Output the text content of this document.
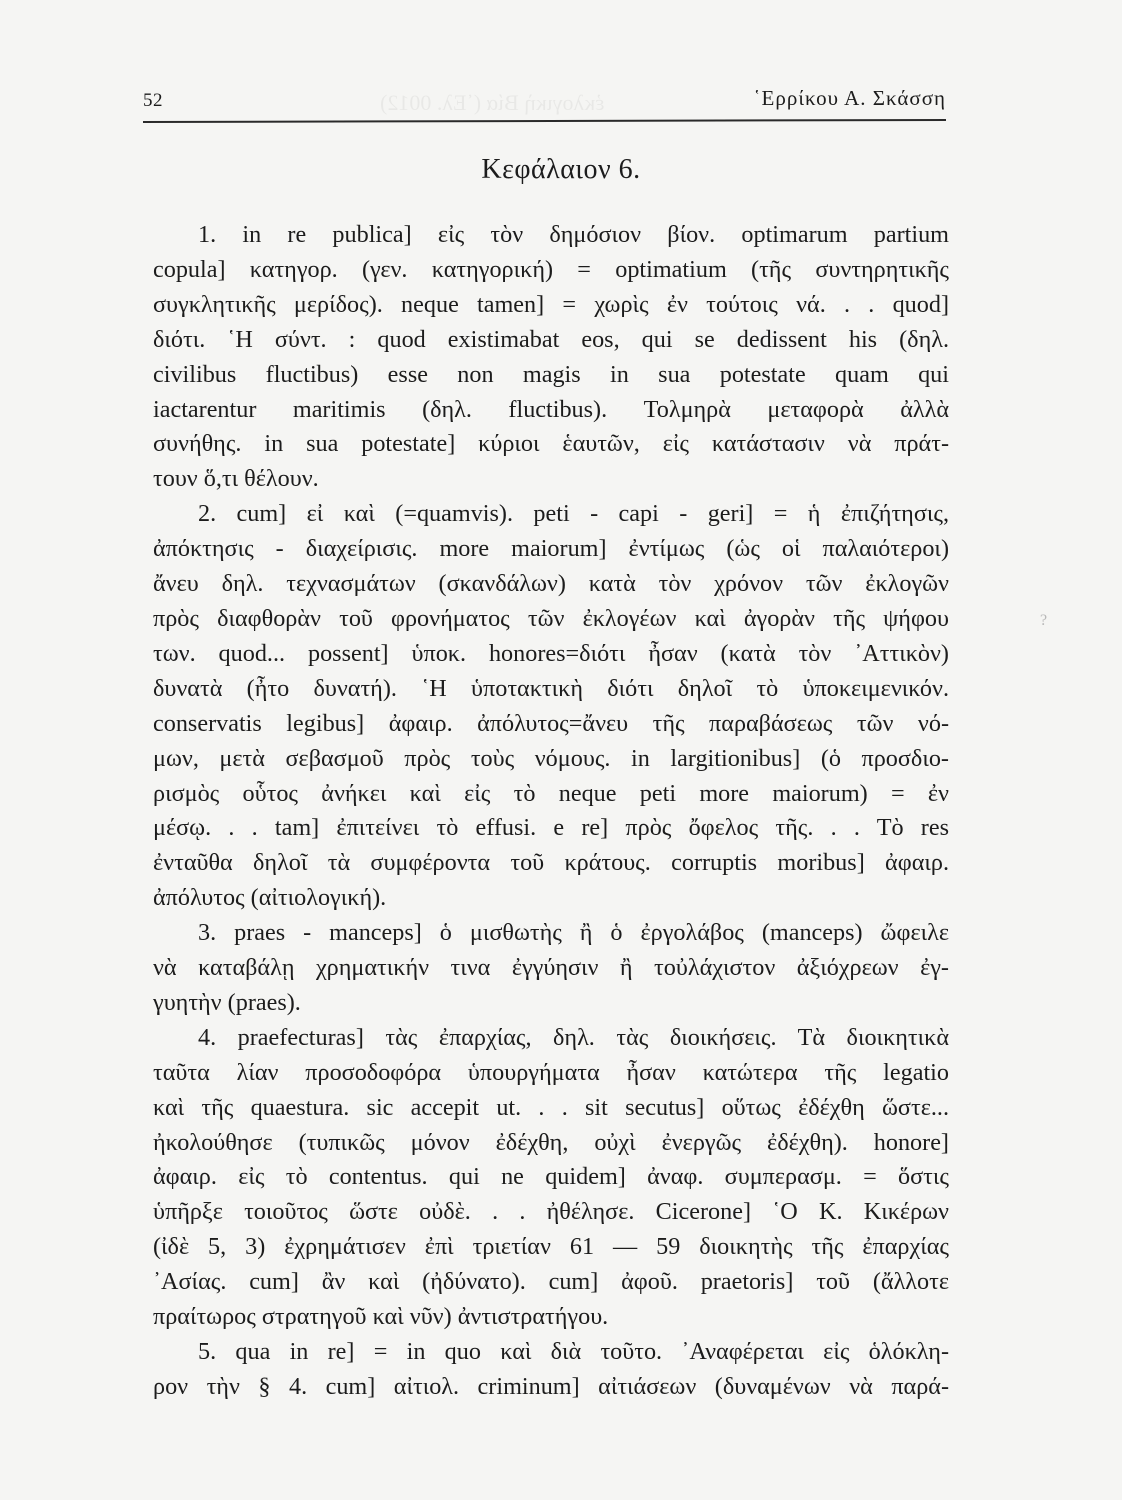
ἐκλογικὴ Βία (῾Ελ. 0012)
52	῾Ερρίκου Α. Σκάσση
Κεφάλαιον 6.
1. in re publica] εἰς τὸν δημόσιον βίον. optimarum partium
copula] κατηγορ. (γεν. κατηγορική) = optimatium (τῆς συντηρητικῆς
συγκλητικῆς μερίδος). neque tamen] = χωρὶς ἐν τούτοις νά. . . quod]
διότι. ῾Η σύντ. : quod existimabat eos, qui se dedissent his (δηλ.
civilibus fluctibus) esse non magis in sua potestate quam qui
iactarentur maritimis (δηλ. fluctibus). Τολμηρὰ μεταφορὰ ἀλλὰ
συνήθης. in sua potestate] κύριοι ἑαυτῶν, εἰς κατάστασιν νὰ πράτ-
τουν ὅ,τι θέλουν.
2. cum] εἰ καὶ (=quamvis). peti - capi - geri] = ἡ ἐπιζήτησις,
ἀπόκτησις - διαχείρισις. more maiorum] ἐντίμως (ὡς οἱ παλαιότεροι)
ἄνευ δηλ. τεχνασμάτων (σκανδάλων) κατὰ τὸν χρόνον τῶν ἐκλογῶν
πρὸς διαφθορὰν τοῦ φρονήματος τῶν ἐκλογέων καὶ ἀγορὰν τῆς ψήφου
των. quod... possent] ὑποκ. honores=διότι ἦσαν (κατὰ τὸν ᾿Αττικὸν)
δυνατὰ (ἦτο δυνατή). ῾Η ὑποτακτικὴ διότι δηλοῖ τὸ ὑποκειμενικόν.
conservatis legibus] ἀφαιρ. ἀπόλυτος=ἄνευ τῆς παραβάσεως τῶν νό-
μων, μετὰ σεβασμοῦ πρὸς τοὺς νόμους. in largitionibus] (ὁ προσδιο-
ρισμὸς οὗτος ἀνήκει καὶ εἰς τὸ neque peti more maiorum) = ἐν
μέσῳ. . . tam] ἐπιτείνει τὸ effusi. e re] πρὸς ὄφελος τῆς. . . Τὸ res
ἐνταῦθα δηλοῖ τὰ συμφέροντα τοῦ κράτους. corruptis moribus] ἀφαιρ.
ἀπόλυτος (αἰτιολογική).
3. praes - manceps] ὁ μισθωτὴς ἢ ὁ ἐργολάβος (manceps) ὤφειλε
νὰ καταβάλῃ χρηματικήν τινα ἐγγύησιν ἢ τοὐλάχιστον ἀξιόχρεων ἐγ-
γυητὴν (praes).
4. praefecturas] τὰς ἐπαρχίας, δηλ. τὰς διοικήσεις. Τὰ διοικητικὰ
ταῦτα λίαν προσοδοφόρα ὑπουργήματα ἦσαν κατώτερα τῆς legatio
καὶ τῆς quaestura. sic accepit ut. . . sit secutus] οὕτως ἐδέχθη ὥστε...
ἠκολούθησε (τυπικῶς μόνον ἐδέχθη, οὐχὶ ἐνεργῶς ἐδέχθη). honore]
ἀφαιρ. εἰς τὸ contentus. qui ne quidem] ἀναφ. συμπερασμ. = ὅστις
ὑπῆρξε τοιοῦτος ὥστε οὐδὲ. . . ἠθέλησε. Cicerone] ῾Ο Κ. Κικέρων
(ἰδὲ 5, 3) ἐχρημάτισεν ἐπὶ τριετίαν 61 — 59 διοικητὴς τῆς ἐπαρχίας
᾿Ασίας. cum] ἂν καὶ (ἠδύνατο). cum] ἀφοῦ. praetoris] τοῦ (ἄλλοτε
πραίτωρος στρατηγοῦ καὶ νῦν) ἀντιστρατήγου.
5. qua in re] = in quo καὶ διὰ τοῦτο. ᾿Αναφέρεται εἰς ὁλόκλη-
ρον τὴν § 4. cum] αἰτιολ. criminum] αἰτιάσεων (δυναμένων νὰ παρά-
?
